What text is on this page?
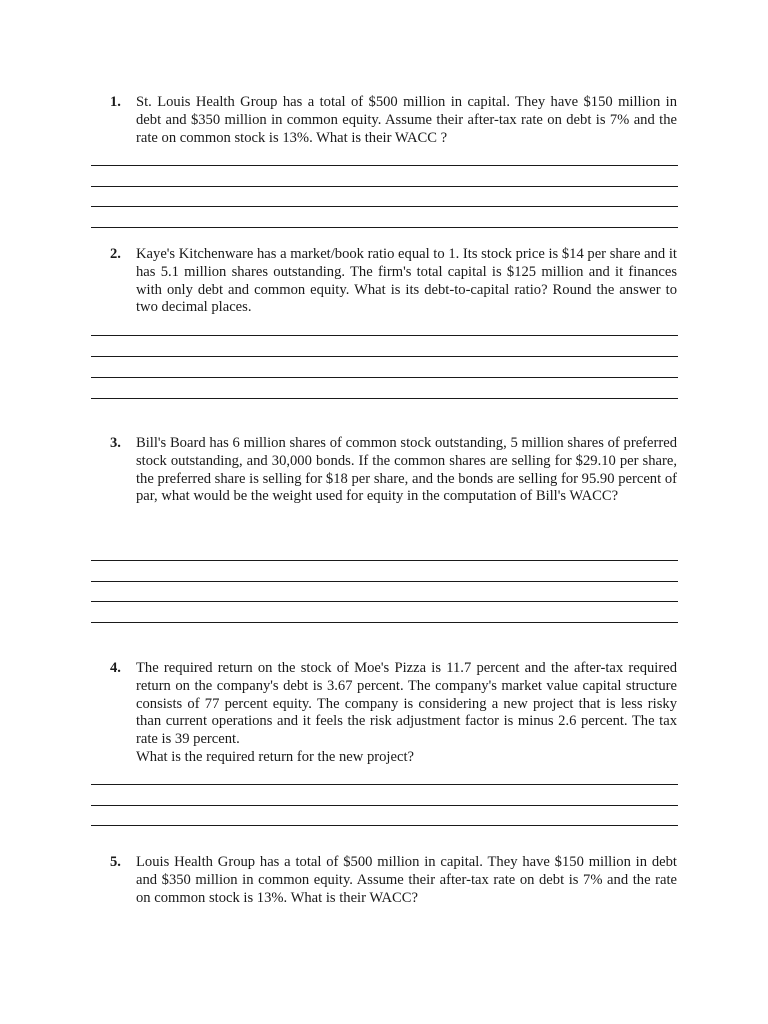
1.	St. Louis Health Group has a total of $500 million in capital. They have $150 million in debt and $350 million in common equity. Assume their after-tax rate on debt is 7% and the rate on common stock is 13%. What is their WACC ?

2.	Kaye's Kitchenware has a market/book ratio equal to 1. Its stock price is $14 per share and it has 5.1 million shares outstanding. The firm's total capital is $125 million and it finances with only debt and common equity. What is its debt-to-capital ratio? Round the answer to two decimal places.

3.	Bill's Board has 6 million shares of common stock outstanding, 5 million shares of preferred stock outstanding, and 30,000 bonds. If the common shares are selling for $29.10 per share, the preferred share is selling for $18 per share, and the bonds are selling for 95.90 percent of par, what would be the weight used for equity in the computation of Bill's WACC?

4.	The required return on the stock of Moe's Pizza is 11.7 percent and the after-tax required return on the company's debt is 3.67 percent. The company's market value capital structure consists of 77 percent equity. The company is considering a new project that is less risky than current operations and it feels the risk adjustment factor is minus 2.6 percent. The tax rate is 39 percent.

What is the required return for the new project?

5.	Louis Health Group has a total of $500 million in capital. They have $150 million in debt and $350 million in common equity. Assume their after-tax rate on debt is 7% and the rate on common stock is 13%. What is their WACC?
